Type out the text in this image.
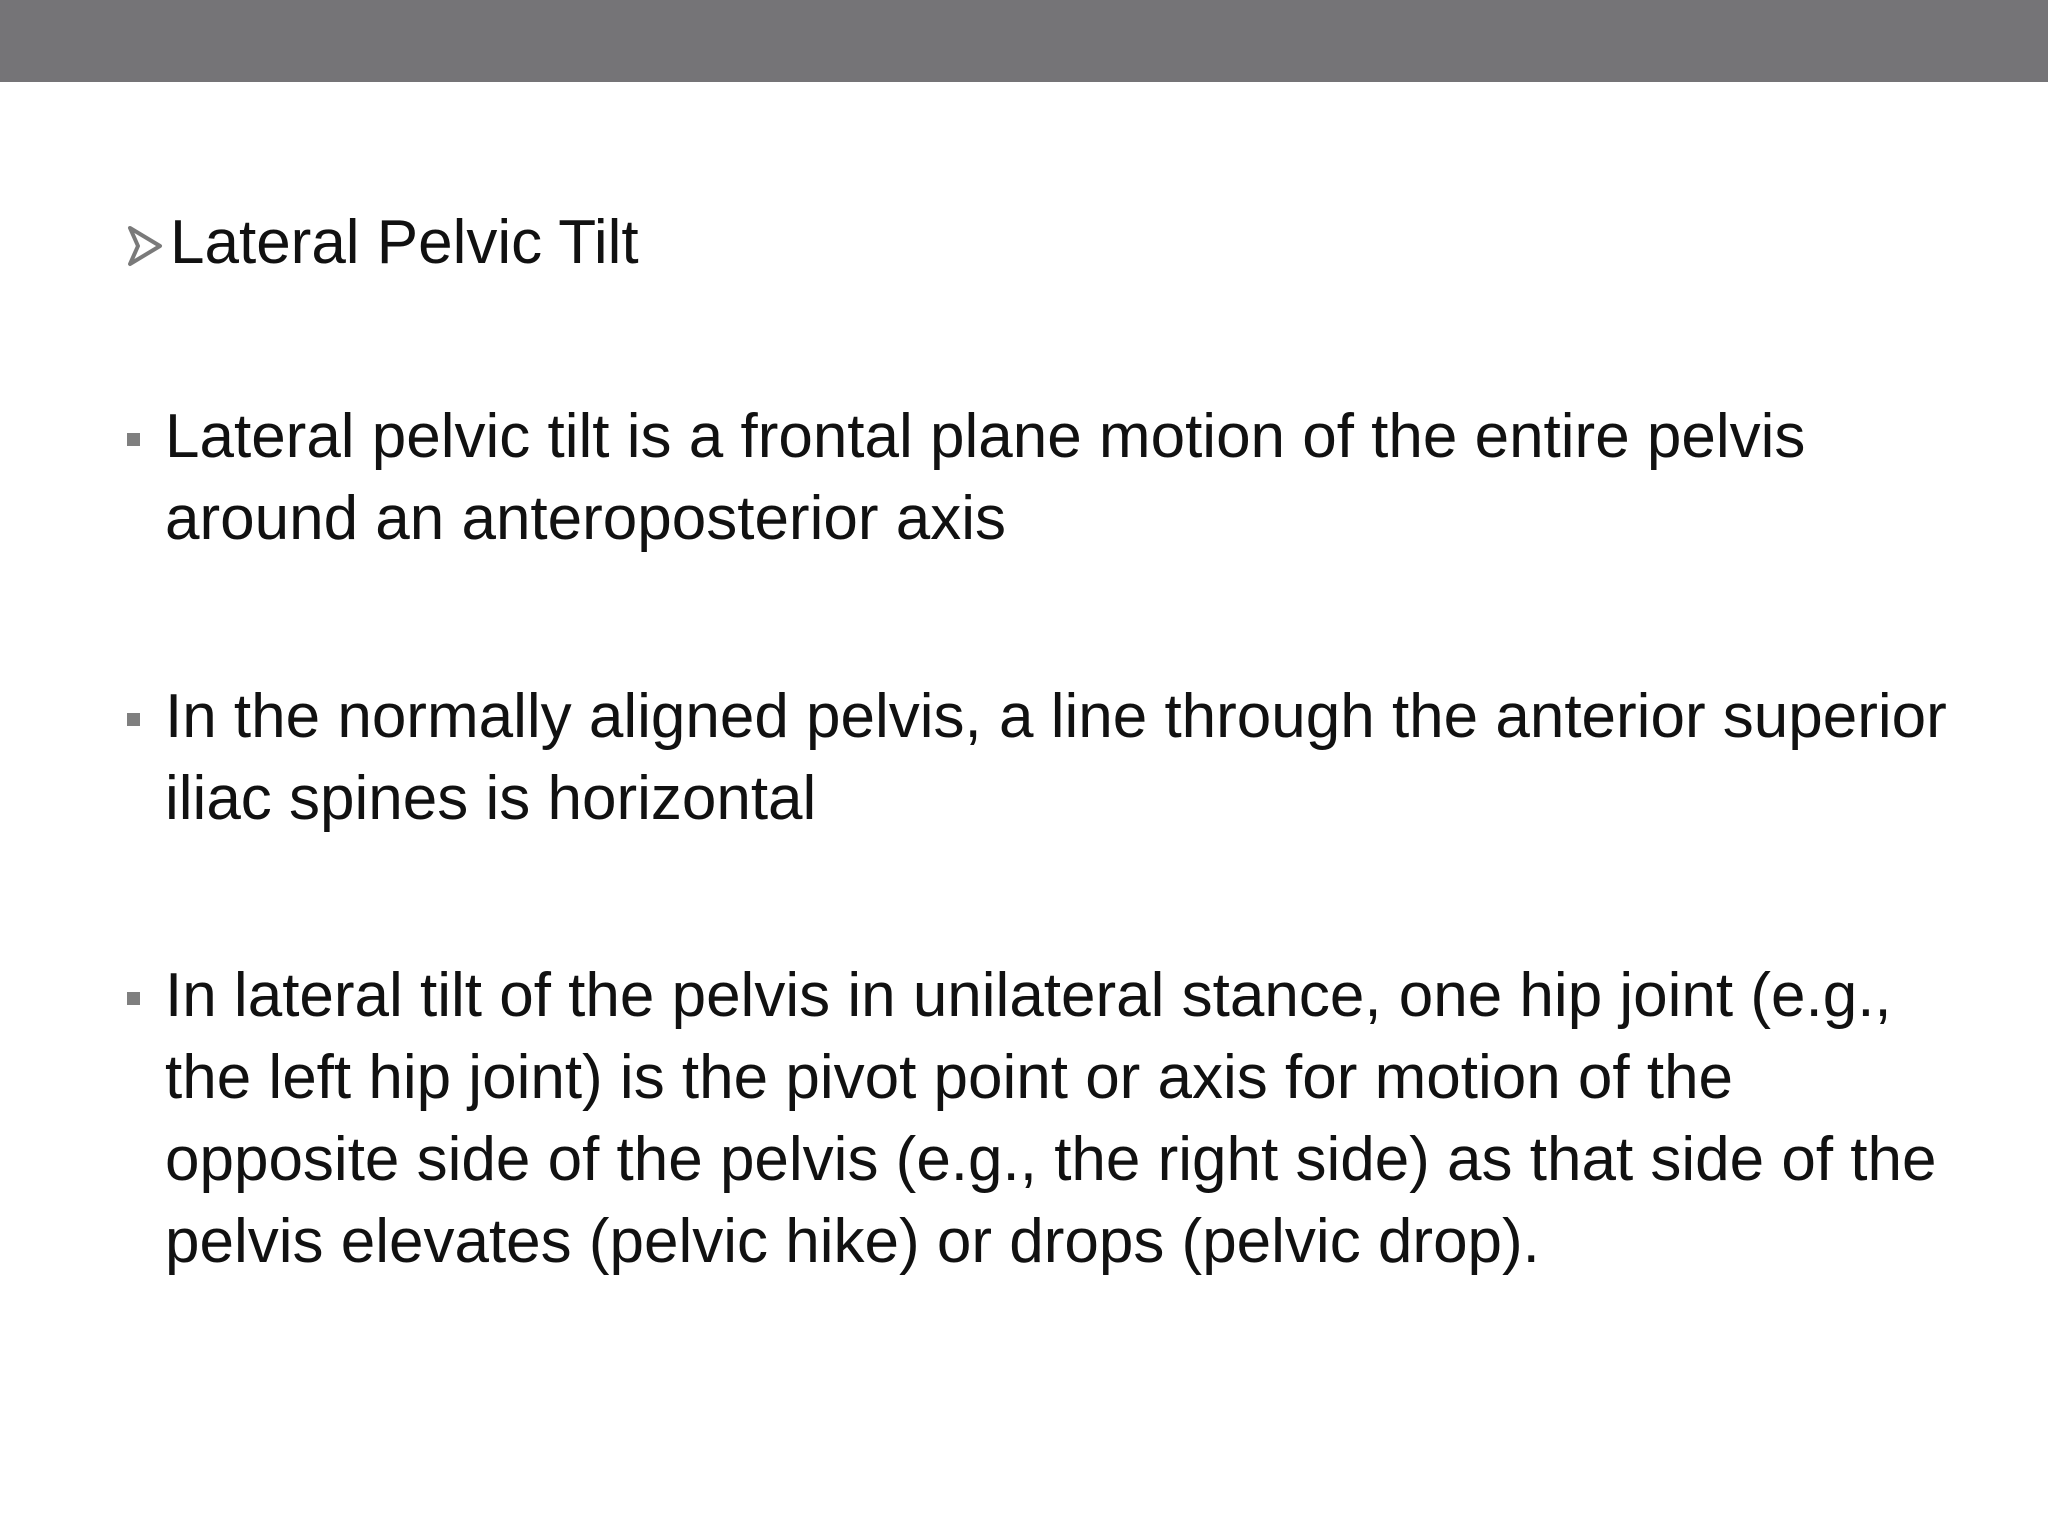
Lateral Pelvic Tilt
Lateral pelvic tilt is a frontal plane motion of the entire pelvis around an anteroposterior axis
In the normally aligned pelvis, a line through the anterior superior iliac spines is horizontal
In lateral tilt of the pelvis in unilateral stance, one hip joint (e.g., the left hip joint) is the pivot point or axis for motion of the opposite side of the pelvis (e.g., the right side) as that side of the pelvis elevates (pelvic hike) or drops (pelvic drop).
